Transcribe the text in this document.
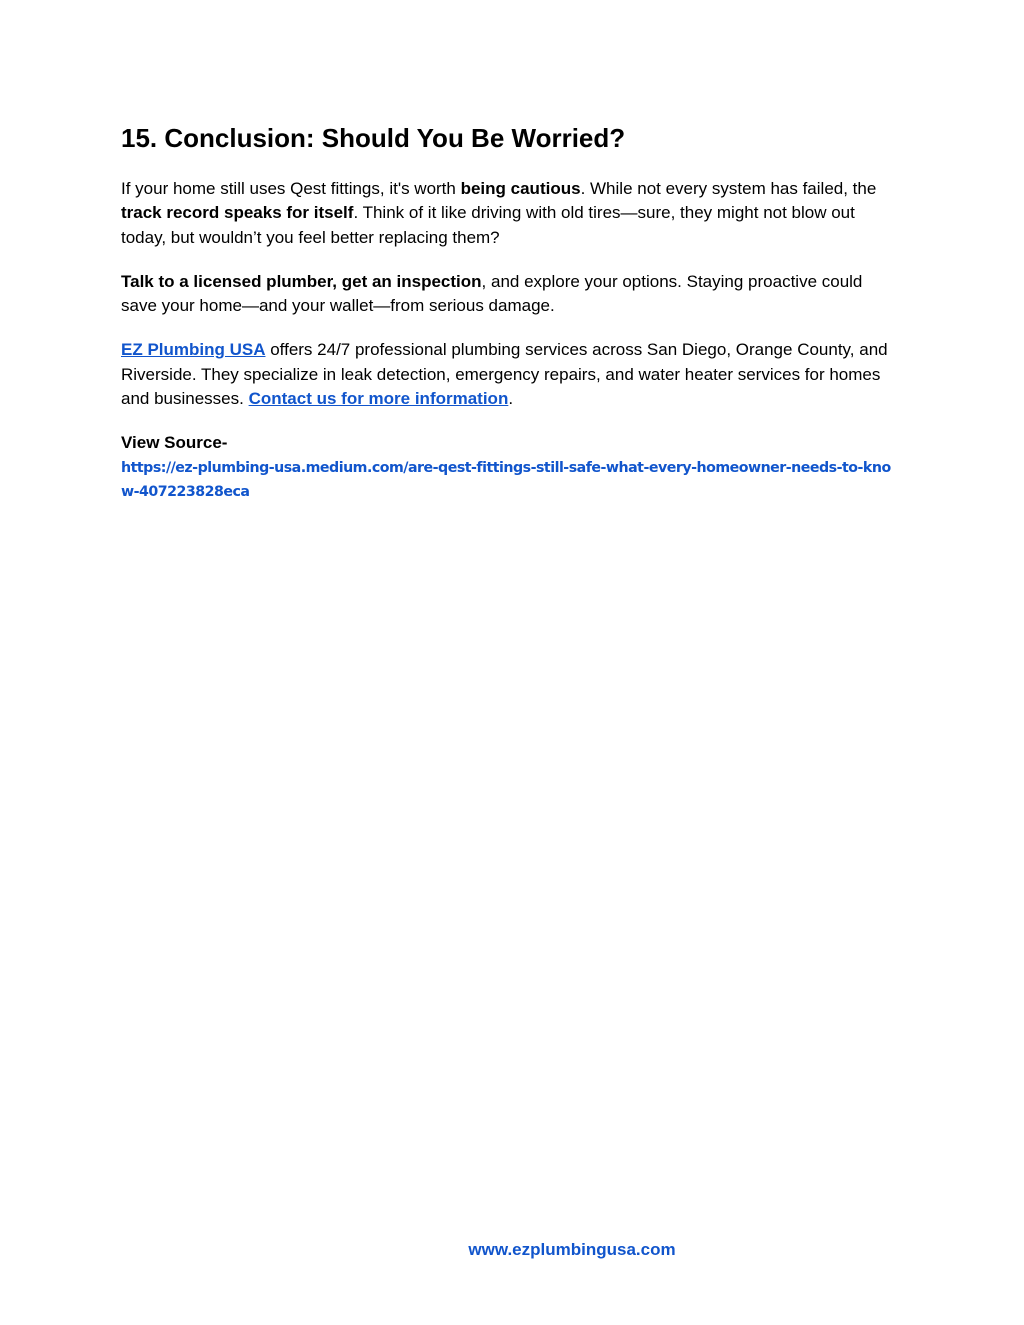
15. Conclusion: Should You Be Worried?

If your home still uses Qest fittings, it's worth being cautious. While not every system has failed, the track record speaks for itself. Think of it like driving with old tires—sure, they might not blow out today, but wouldn’t you feel better replacing them?

Talk to a licensed plumber, get an inspection, and explore your options. Staying proactive could save your home—and your wallet—from serious damage.

EZ Plumbing USA offers 24/7 professional plumbing services across San Diego, Orange County, and Riverside. They specialize in leak detection, emergency repairs, and water heater services for homes and businesses. Contact us for more information.

View Source-
https://ez-plumbing-usa.medium.com/are-qest-fittings-still-safe-what-every-homeowner-needs-to-know-407223828eca

www.ezplumbingusa.com
